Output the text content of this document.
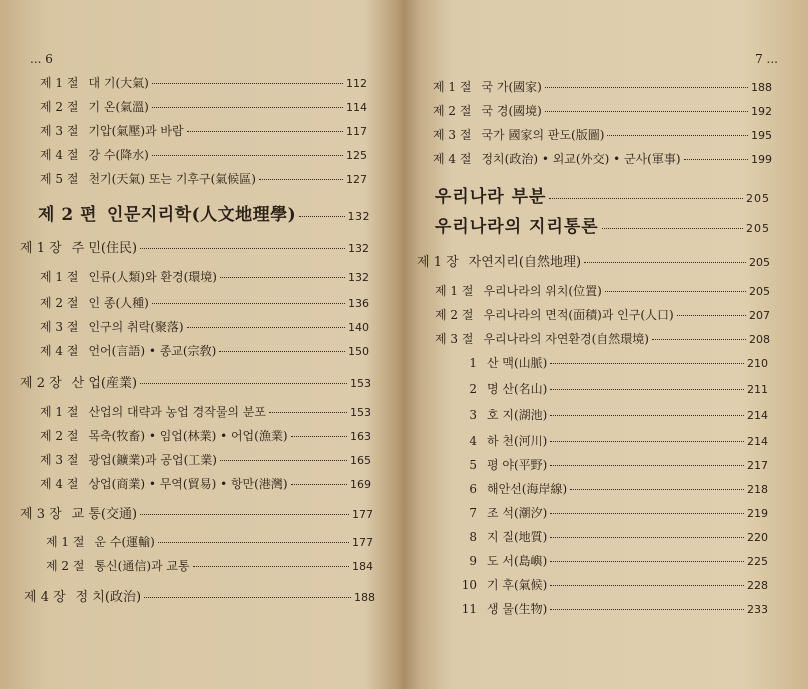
... 6
제 1 절 대 기(大氣)	112
제 2 절 기 온(氣溫)	114
제 3 절 기압(氣壓)과 바람	117
제 4 절 강 수(降水)	125
제 5 절 천기(天氣) 또는 기후구(氣候區)	127
제 2 편 인문지리학(人文地理學)	132
제 1 장 주 민(住民)	132
제 1 절 인류(人類)와 환경(環境)	132
제 2 절 인 종(人種)	136
제 3 절 인구의 취락(聚落)	140
제 4 절 언어(言語) • 종교(宗敎)	150
제 2 장 산 업(産業)	153
제 1 절 산업의 대략과 농업 경작물의 분포	153
제 2 절 목축(牧畜) • 임업(林業) • 어업(漁業)	163
제 3 절 광업(鑛業)과 공업(工業)	165
제 4 절 상업(商業) • 무역(貿易) • 항만(港灣)	169
제 3 장 교 통(交通)	177
제 1 절 운 수(運輸)	177
제 2 절 통신(通信)과 교통	184
제 4 장 정 치(政治)	188
7 ...
제 1 절 국 가(國家)	188
제 2 절 국 경(國境)	192
제 3 절 국가 國家의 판도(版圖)	195
제 4 절 정치(政治) • 외교(外交) • 군사(軍事)	199
우리나라 부분	205
우리나라의 지리통론	205
제 1 장 자연지리(自然地理)	205
제 1 절 우리나라의 위치(位置)	205
제 2 절 우리나라의 면적(面積)과 인구(人口)	207
제 3 절 우리나라의 자연환경(自然環境)	208
1 산 맥(山脈)	210
2 명 산(名山)	211
3 호 지(湖池)	214
4 하 천(河川)	214
5 평 야(平野)	217
6 해안선(海岸線)	218
7 조 석(潮汐)	219
8 지 질(地質)	220
9 도 서(島嶼)	225
10 기 후(氣候)	228
11 생 물(生物)	233
